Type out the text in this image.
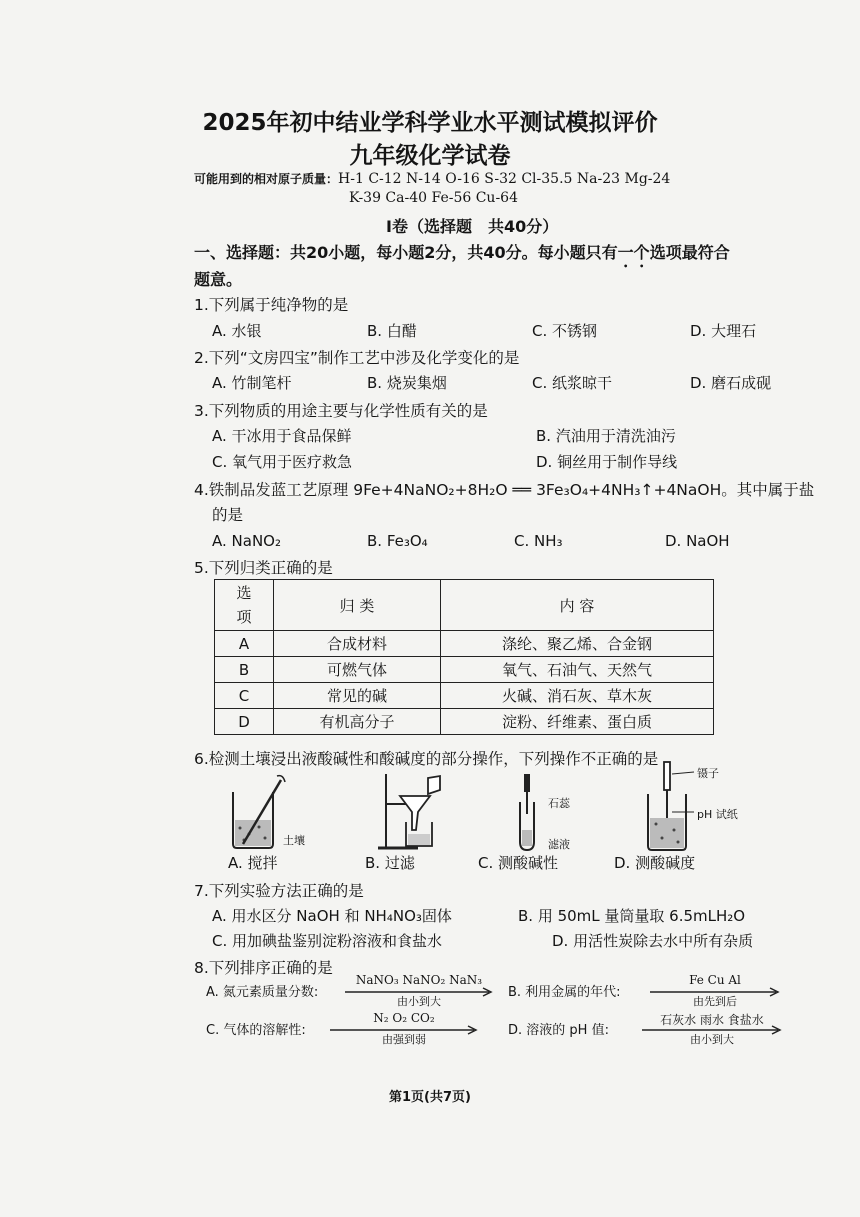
2025年初中结业学科学业水平测试模拟评价
九年级化学试卷
可能用到的相对原子质量：H-1 C-12 N-14 O-16 S-32 Cl-35.5 Na-23 Mg-24
K-39 Ca-40 Fe-56 Cu-64
I卷（选择题　共40分）
一、选择题：共20小题，每小题2分，共40分。每小题只有一个选项最符合
题意。
1.下列属于纯净物的是
A. 水银	B. 白醋	C. 不锈钢	D. 大理石
2.下列“文房四宝”制作工艺中涉及化学变化的是
A. 竹制笔杆	B. 烧炭集烟	C. 纸浆晾干	D. 磨石成砚
3.下列物质的用途主要与化学性质有关的是
A. 干冰用于食品保鲜	B. 汽油用于清洗油污
C. 氧气用于医疗救急	D. 铜丝用于制作导线
4.铁制品发蓝工艺原理 9Fe+4NaNO₂+8H₂O ══ 3Fe₃O₄+4NH₃↑+4NaOH。其中属于盐
的是
A. NaNO₂	B. Fe₃O₄	C. NH₃	D. NaOH
5.下列归类正确的是
选项	归 类	内 容
A	合成材料	涤纶、聚乙烯、合金钢
B	可燃气体	氧气、石油气、天然气
C	常见的碱	火碱、消石灰、草木灰
D	有机高分子	淀粉、纤维素、蛋白质
6.检测土壤浸出液酸碱性和酸碱度的部分操作，下列操作不正确的是
土壤
石蕊
滤液
镊子
pH 试纸
A. 搅拌	B. 过滤	C. 测酸碱性	D. 测酸碱度
7.下列实验方法正确的是
A. 用水区分 NaOH 和 NH₄NO₃固体	B. 用 50mL 量筒量取 6.5mLH₂O
C. 用加碘盐鉴别淀粉溶液和食盐水	D. 用活性炭除去水中所有杂质
8.下列排序正确的是
A. 氮元素质量分数:
NaNO₃ NaNO₂ NaN₃
由小到大
B. 利用金属的年代:
Fe Cu Al
由先到后
C. 气体的溶解性:
N₂ O₂ CO₂
由强到弱
D. 溶液的 pH 值:
石灰水 雨水 食盐水
由小到大
第1页(共7页)
